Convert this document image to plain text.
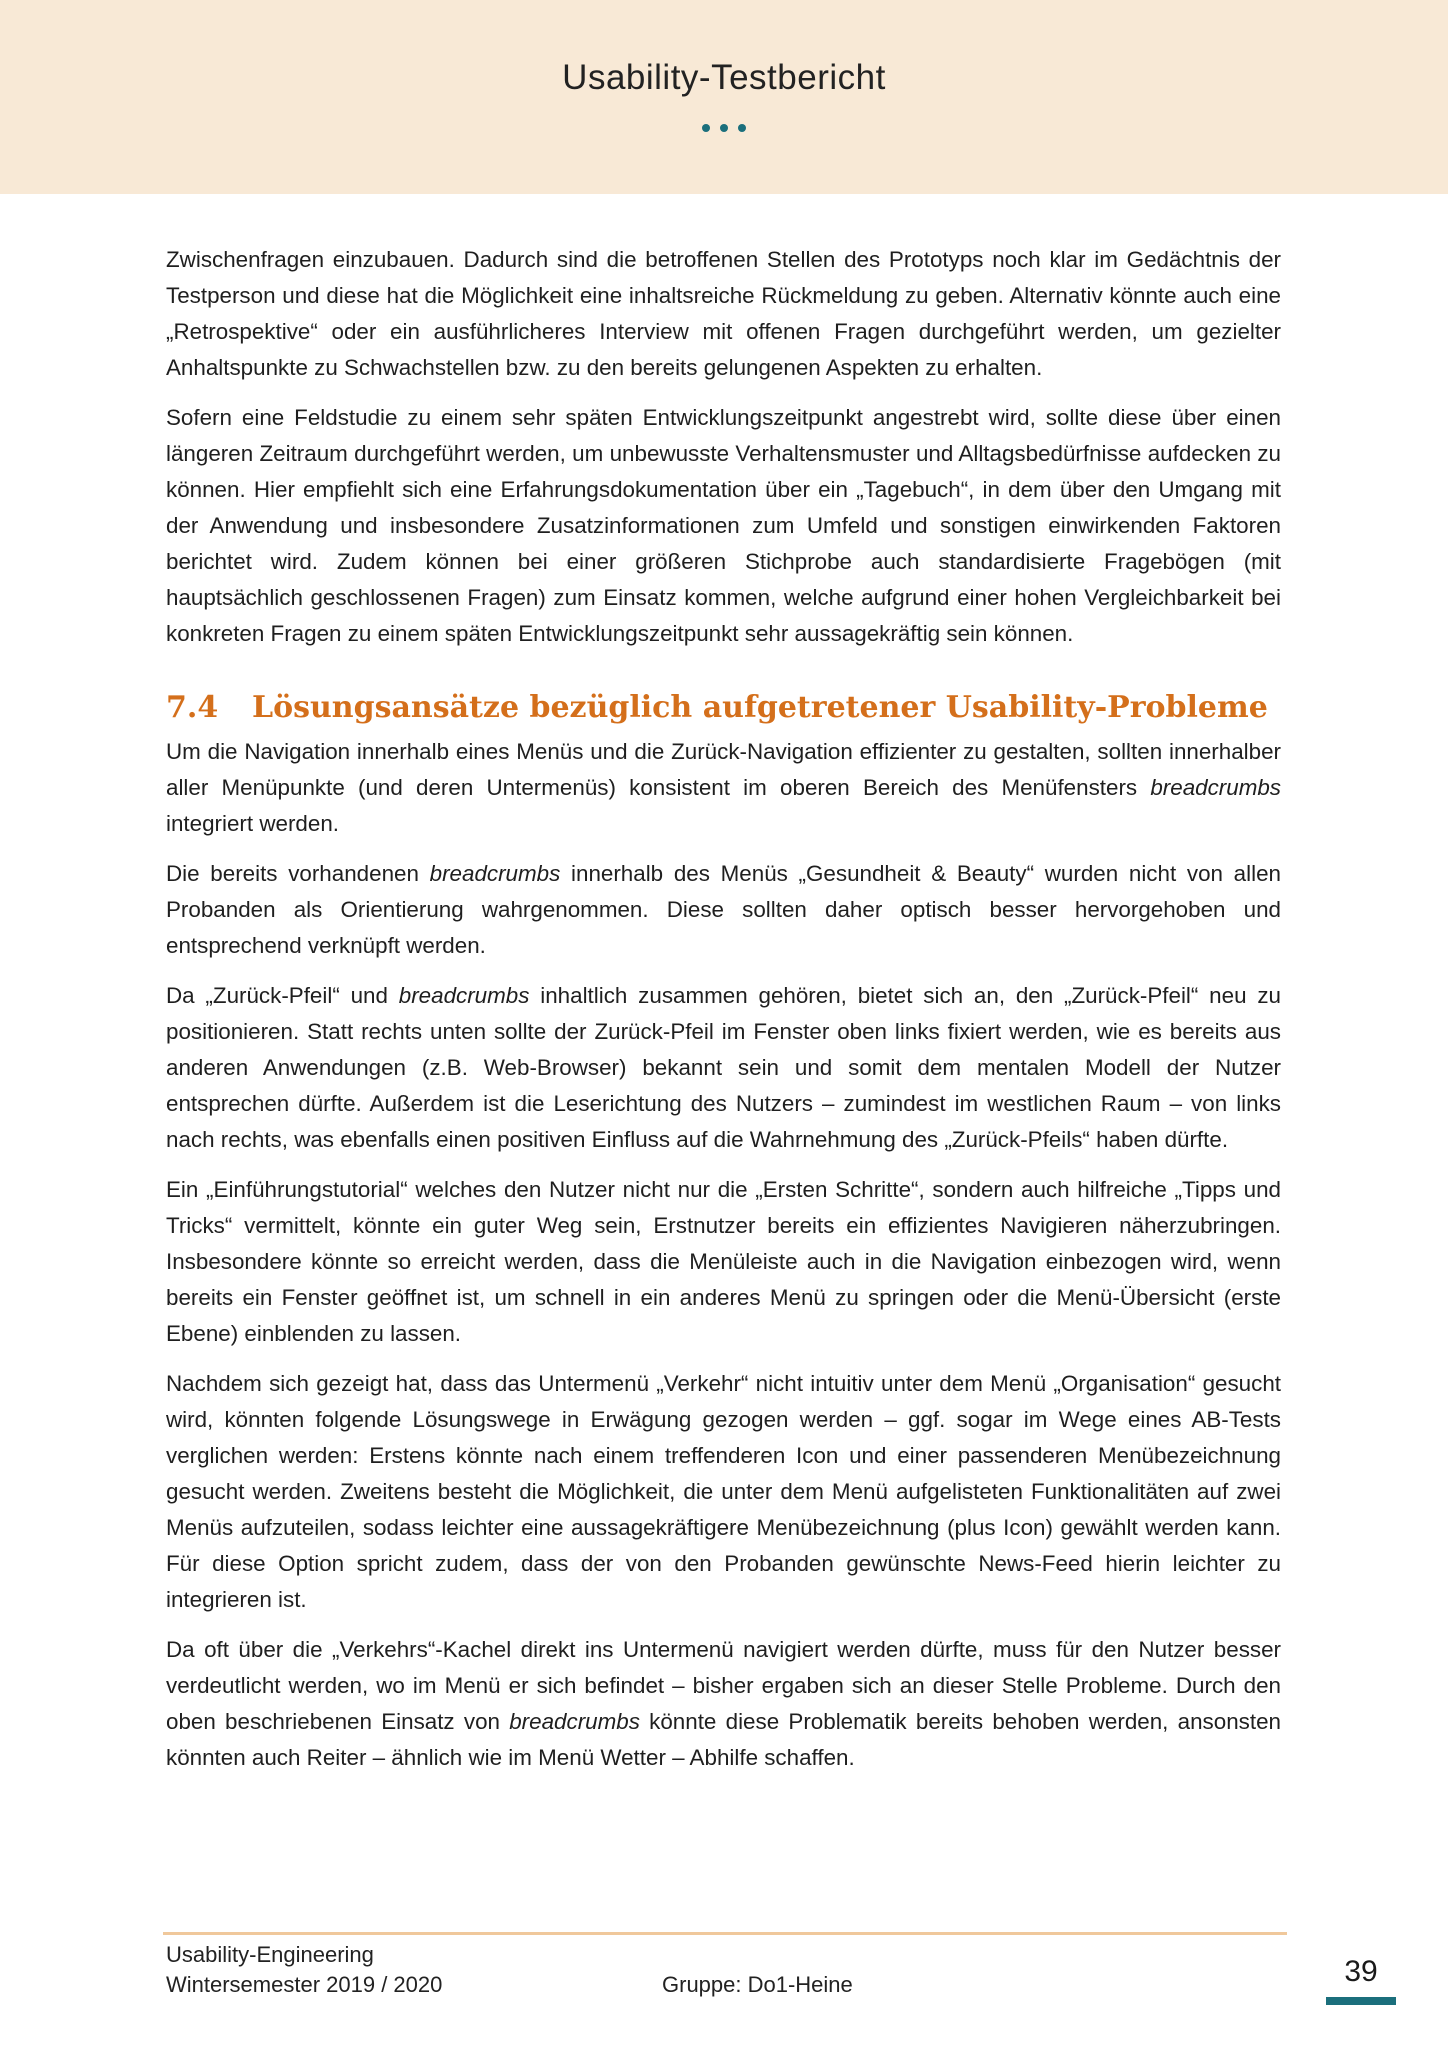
Usability-Testbericht

Zwischenfragen einzubauen. Dadurch sind die betroffenen Stellen des Prototyps noch klar im Gedächtnis der Testperson und diese hat die Möglichkeit eine inhaltsreiche Rückmeldung zu geben. Alternativ könnte auch eine „Retrospektive“ oder ein ausführlicheres Interview mit offenen Fragen durchgeführt werden, um gezielter Anhaltspunkte zu Schwachstellen bzw. zu den bereits gelungenen Aspekten zu erhalten.

Sofern eine Feldstudie zu einem sehr späten Entwicklungszeitpunkt angestrebt wird, sollte diese über einen längeren Zeitraum durchgeführt werden, um unbewusste Verhaltensmuster und Alltagsbedürfnisse aufdecken zu können. Hier empfiehlt sich eine Erfahrungsdokumentation über ein „Tagebuch“, in dem über den Umgang mit der Anwendung und insbesondere Zusatzinformationen zum Umfeld und sonstigen einwirkenden Faktoren berichtet wird. Zudem können bei einer größeren Stichprobe auch standardisierte Fragebögen (mit hauptsächlich geschlossenen Fragen) zum Einsatz kommen, welche aufgrund einer hohen Vergleichbarkeit bei konkreten Fragen zu einem späten Entwicklungszeitpunkt sehr aussagekräftig sein können.

7.4 Lösungsansätze bezüglich aufgetretener Usability-Probleme

Um die Navigation innerhalb eines Menüs und die Zurück-Navigation effizienter zu gestalten, sollten innerhalber aller Menüpunkte (und deren Untermenüs) konsistent im oberen Bereich des Menüfensters breadcrumbs integriert werden.

Die bereits vorhandenen breadcrumbs innerhalb des Menüs „Gesundheit & Beauty“ wurden nicht von allen Probanden als Orientierung wahrgenommen. Diese sollten daher optisch besser hervorgehoben und entsprechend verknüpft werden.

Da „Zurück-Pfeil“ und breadcrumbs inhaltlich zusammen gehören, bietet sich an, den „Zurück-Pfeil“ neu zu positionieren. Statt rechts unten sollte der Zurück-Pfeil im Fenster oben links fixiert werden, wie es bereits aus anderen Anwendungen (z.B. Web-Browser) bekannt sein und somit dem mentalen Modell der Nutzer entsprechen dürfte. Außerdem ist die Leserichtung des Nutzers – zumindest im westlichen Raum – von links nach rechts, was ebenfalls einen positiven Einfluss auf die Wahrnehmung des „Zurück-Pfeils“ haben dürfte.

Ein „Einführungstutorial“ welches den Nutzer nicht nur die „Ersten Schritte“, sondern auch hilfreiche „Tipps und Tricks“ vermittelt, könnte ein guter Weg sein, Erstnutzer bereits ein effizientes Navigieren näherzubringen. Insbesondere könnte so erreicht werden, dass die Menüleiste auch in die Navigation einbezogen wird, wenn bereits ein Fenster geöffnet ist, um schnell in ein anderes Menü zu springen oder die Menü-Übersicht (erste Ebene) einblenden zu lassen.

Nachdem sich gezeigt hat, dass das Untermenü „Verkehr“ nicht intuitiv unter dem Menü „Organisation“ gesucht wird, könnten folgende Lösungswege in Erwägung gezogen werden – ggf. sogar im Wege eines AB-Tests verglichen werden: Erstens könnte nach einem treffenderen Icon und einer passenderen Menübezeichnung gesucht werden. Zweitens besteht die Möglichkeit, die unter dem Menü aufgelisteten Funktionalitäten auf zwei Menüs aufzuteilen, sodass leichter eine aussagekräftigere Menübezeichnung (plus Icon) gewählt werden kann. Für diese Option spricht zudem, dass der von den Probanden gewünschte News-Feed hierin leichter zu integrieren ist.

Da oft über die „Verkehrs“-Kachel direkt ins Untermenü navigiert werden dürfte, muss für den Nutzer besser verdeutlicht werden, wo im Menü er sich befindet – bisher ergaben sich an dieser Stelle Probleme. Durch den oben beschriebenen Einsatz von breadcrumbs könnte diese Problematik bereits behoben werden, ansonsten könnten auch Reiter – ähnlich wie im Menü Wetter – Abhilfe schaffen.

Usability-Engineering
Wintersemester 2019 / 2020	Gruppe: Do1-Heine	39
